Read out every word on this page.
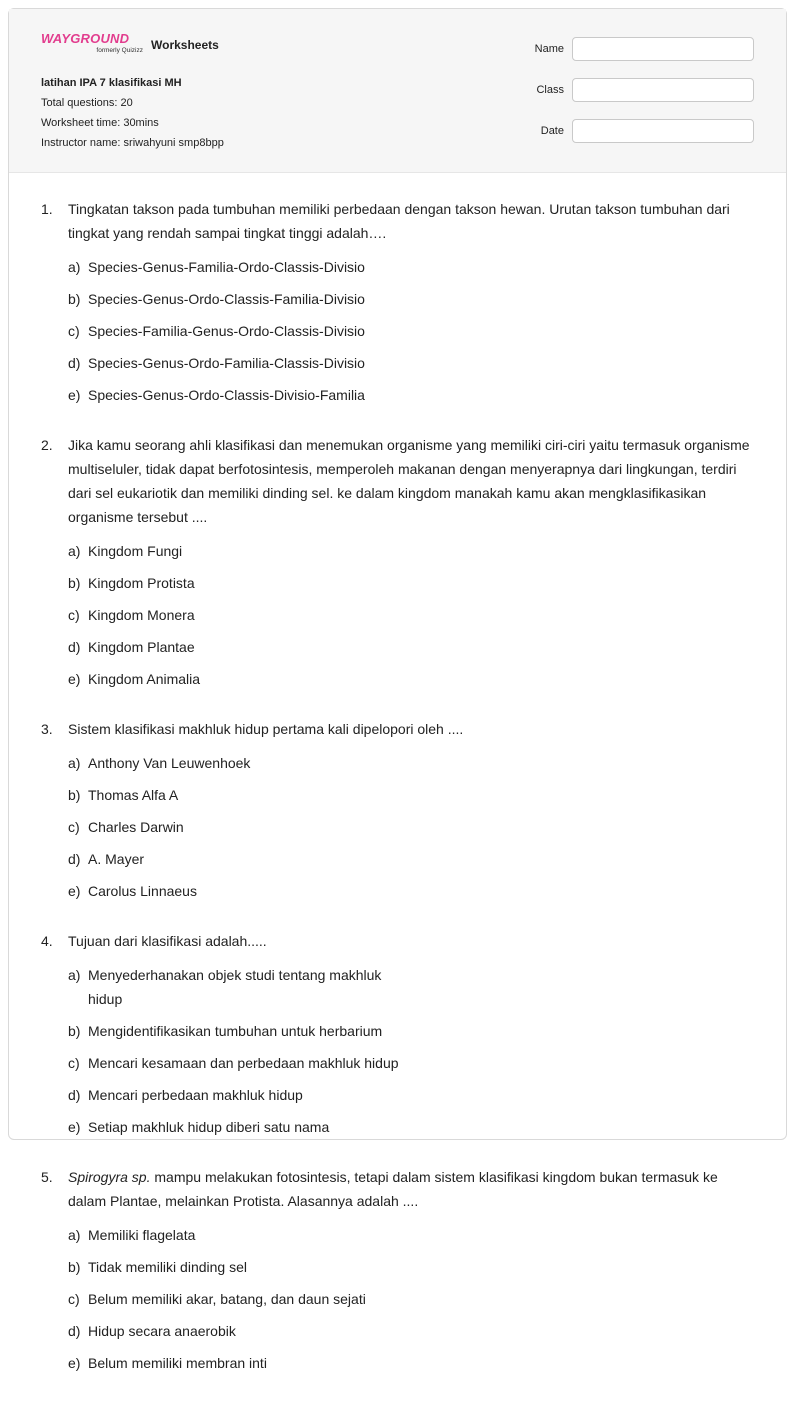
WAYGROUND
formerly Quizizz Worksheets
latihan IPA 7 klasifikasi MH
Total questions: 20
Worksheet time: 30mins
Instructor name: sriwahyuni smp8bpp
Name
Class
Date
1.	Tingkatan takson pada tumbuhan memiliki perbedaan dengan takson hewan. Urutan takson tumbuhan dari tingkat yang rendah sampai tingkat tinggi adalah….
a) Species-Genus-Familia-Ordo-Classis-Divisio
b) Species-Genus-Ordo-Classis-Familia-Divisio
c) Species-Familia-Genus-Ordo-Classis-Divisio
d) Species-Genus-Ordo-Familia-Classis-Divisio
e) Species-Genus-Ordo-Classis-Divisio-Familia
2.	Jika kamu seorang ahli klasifikasi dan menemukan organisme yang memiliki ciri-ciri yaitu termasuk organisme multiseluler, tidak dapat berfotosintesis, memperoleh makanan dengan menyerapnya dari lingkungan, terdiri dari sel eukariotik dan memiliki dinding sel. ke dalam kingdom manakah kamu akan mengklasifikasikan organisme tersebut ....
a) Kingdom Fungi
b) Kingdom Protista
c) Kingdom Monera
d) Kingdom Plantae
e) Kingdom Animalia
3.	Sistem klasifikasi makhluk hidup pertama kali dipelopori oleh ....
a) Anthony Van Leuwenhoek
b) Thomas Alfa A
c) Charles Darwin
d) A. Mayer
e) Carolus Linnaeus
4.	Tujuan dari klasifikasi adalah.....
a) Menyederhanakan objek studi tentang makhluk hidup
b) Mengidentifikasikan tumbuhan untuk herbarium
c) Mencari kesamaan dan perbedaan makhluk hidup
d) Mencari perbedaan makhluk hidup
e) Setiap makhluk hidup diberi satu nama
5.	Spirogyra sp. mampu melakukan fotosintesis, tetapi dalam sistem klasifikasi kingdom bukan termasuk ke dalam Plantae, melainkan Protista. Alasannya adalah ....
a) Memiliki flagelata
b) Tidak memiliki dinding sel
c) Belum memiliki akar, batang, dan daun sejati
d) Hidup secara anaerobik
e) Belum memiliki membran inti
